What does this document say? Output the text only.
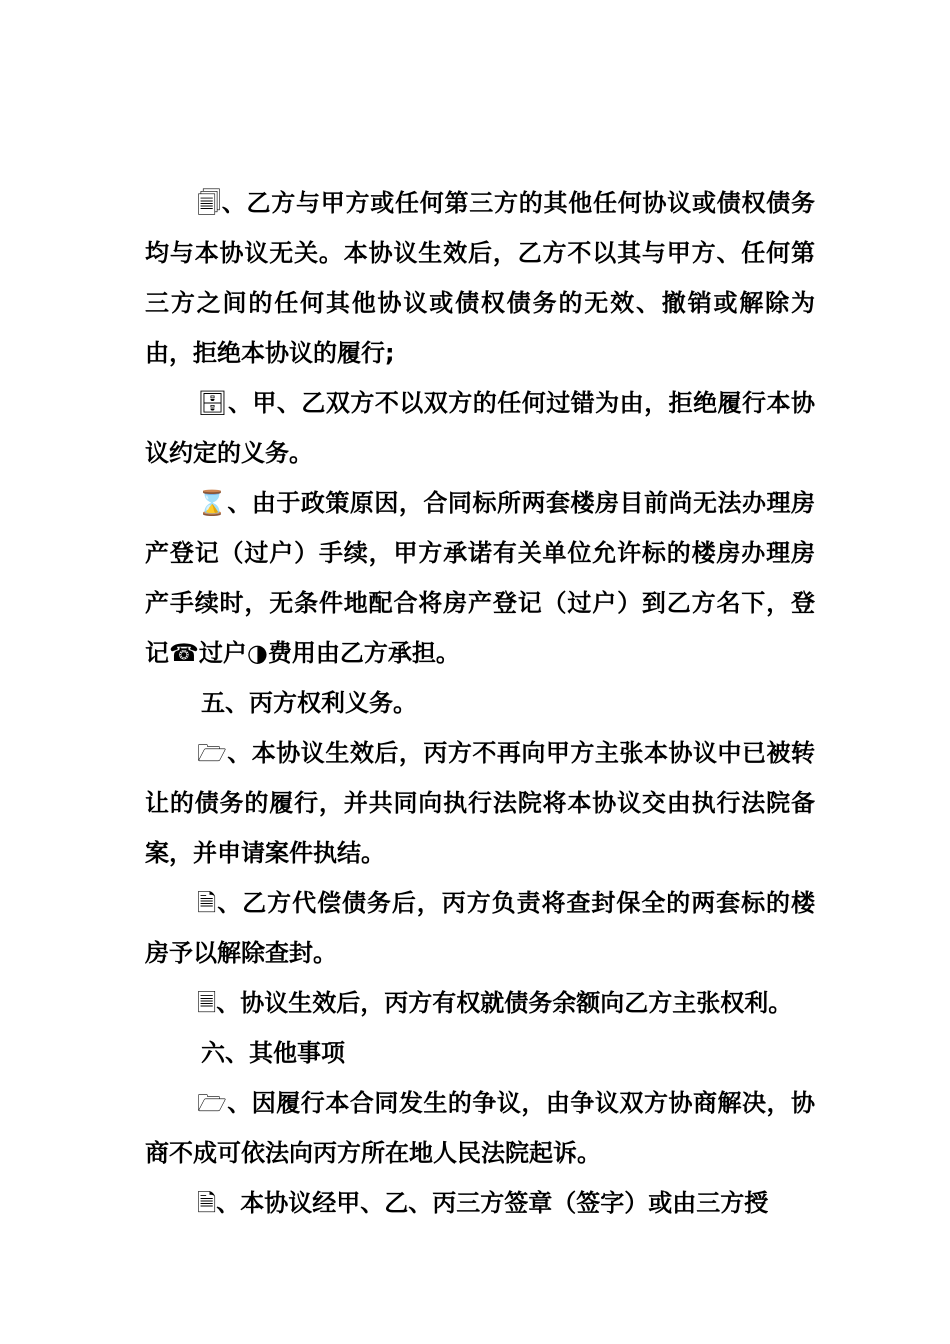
🗐、乙方与甲方或任何第三方的其他任何协议或债权债务均与本协议无关。本协议生效后，乙方不以其与甲方、任何第三方之间的任何其他协议或债权债务的无效、撤销或解除为由，拒绝本协议的履行;

🗄、甲、乙双方不以双方的任何过错为由，拒绝履行本协议约定的义务。

⌛、由于政策原因，合同标所两套楼房目前尚无法办理房产登记（过户）手续，甲方承诺有关单位允许标的楼房办理房产手续时，无条件地配合将房产登记（过户）到乙方名下，登记☎过户◑费用由乙方承担。

五、丙方权利义务。

🗁、本协议生效后，丙方不再向甲方主张本协议中已被转让的债务的履行，并共同向执行法院将本协议交由执行法院备案，并申请案件执结。

🗎、乙方代偿债务后，丙方负责将查封保全的两套标的楼房予以解除查封。

🗏、协议生效后，丙方有权就债务余额向乙方主张权利。

六、其他事项

🗁、因履行本合同发生的争议，由争议双方协商解决，协商不成可依法向丙方所在地人民法院起诉。

🗎、本协议经甲、乙、丙三方签章（签字）或由三方授
